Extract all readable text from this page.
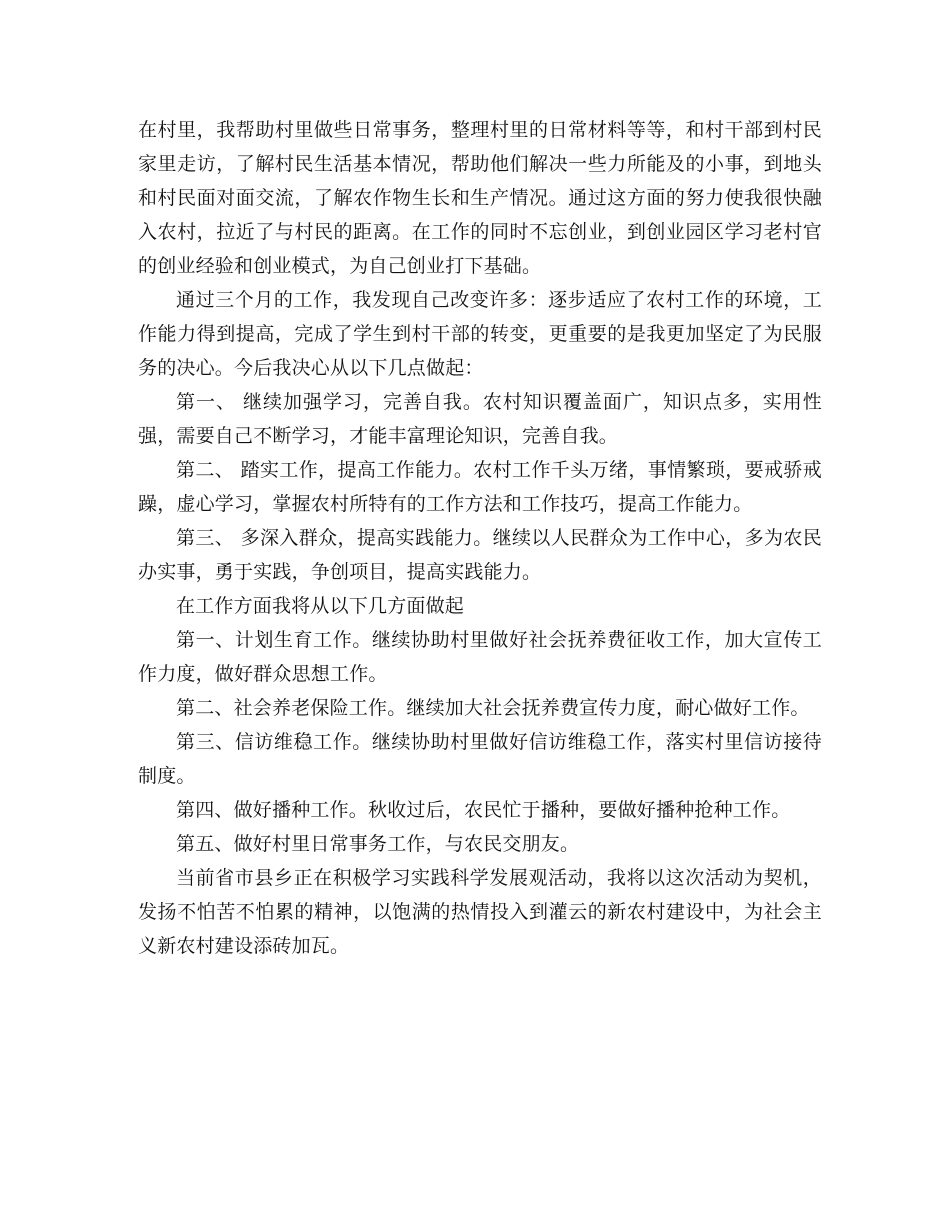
在村里，我帮助村里做些日常事务，整理村里的日常材料等等，和村干部到村民家里走访，了解村民生活基本情况，帮助他们解决一些力所能及的小事，到地头和村民面对面交流，了解农作物生长和生产情况。通过这方面的努力使我很快融入农村，拉近了与村民的距离。在工作的同时不忘创业，到创业园区学习老村官的创业经验和创业模式，为自己创业打下基础。

通过三个月的工作，我发现自己改变许多：逐步适应了农村工作的环境，工作能力得到提高，完成了学生到村干部的转变，更重要的是我更加坚定了为民服务的决心。今后我决心从以下几点做起：

第一、 继续加强学习，完善自我。农村知识覆盖面广，知识点多，实用性强，需要自己不断学习，才能丰富理论知识，完善自我。

第二、 踏实工作，提高工作能力。农村工作千头万绪，事情繁琐，要戒骄戒躁，虚心学习，掌握农村所特有的工作方法和工作技巧，提高工作能力。

第三、 多深入群众，提高实践能力。继续以人民群众为工作中心，多为农民办实事，勇于实践，争创项目，提高实践能力。

在工作方面我将从以下几方面做起

第一、计划生育工作。继续协助村里做好社会抚养费征收工作，加大宣传工作力度，做好群众思想工作。

第二、社会养老保险工作。继续加大社会抚养费宣传力度，耐心做好工作。

第三、信访维稳工作。继续协助村里做好信访维稳工作，落实村里信访接待制度。

第四、做好播种工作。秋收过后，农民忙于播种，要做好播种抢种工作。

第五、做好村里日常事务工作，与农民交朋友。

当前省市县乡正在积极学习实践科学发展观活动，我将以这次活动为契机，发扬不怕苦不怕累的精神，以饱满的热情投入到灌云的新农村建设中，为社会主义新农村建设添砖加瓦。
